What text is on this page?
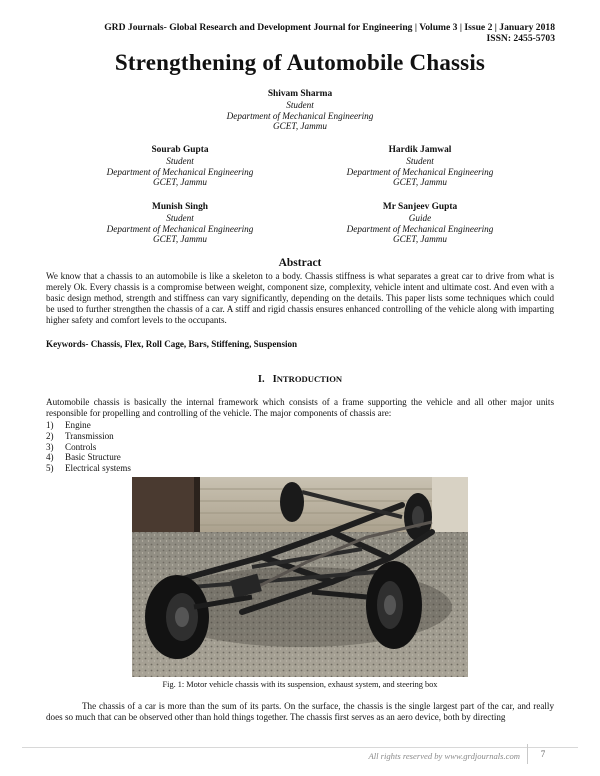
GRD Journals- Global Research and Development Journal for Engineering | Volume 3 | Issue 2 | January 2018
ISSN: 2455-5703
Strengthening of Automobile Chassis
Shivam Sharma
Student
Department of Mechanical Engineering
GCET, Jammu
Sourab Gupta
Student
Department of Mechanical Engineering
GCET, Jammu
Hardik Jamwal
Student
Department of Mechanical Engineering
GCET, Jammu
Munish Singh
Student
Department of Mechanical Engineering
GCET, Jammu
Mr Sanjeev Gupta
Guide
Department of Mechanical Engineering
GCET, Jammu
Abstract
We know that a chassis to an automobile is like a skeleton to a body. Chassis stiffness is what separates a great car to drive from what is merely Ok. Every chassis is a compromise between weight, component size, complexity, vehicle intent and ultimate cost. And even with a basic design method, strength and stiffness can vary significantly, depending on the details. This paper lists some techniques which could be used to further strengthen the chassis of a car. A stiff and rigid chassis ensures enhanced controlling of the vehicle along with imparting higher safety and comfort levels to the occupants.
Keywords- Chassis, Flex, Roll Cage, Bars, Stiffening, Suspension
I. INTRODUCTION
Automobile chassis is basically the internal framework which consists of a frame supporting the vehicle and all other major units responsible for propelling and controlling of the vehicle. The major components of chassis are:
1) Engine
2) Transmission
3) Controls
4) Basic Structure
5) Electrical systems
Fig. 1: Motor vehicle chassis with its suspension, exhaust system, and steering box
The chassis of a car is more than the sum of its parts. On the surface, the chassis is the single largest part of the car, and really does so much that can be observed other than hold things together. The chassis first serves as an aero device, both by directing
All rights reserved by www.grdjournals.com	7
